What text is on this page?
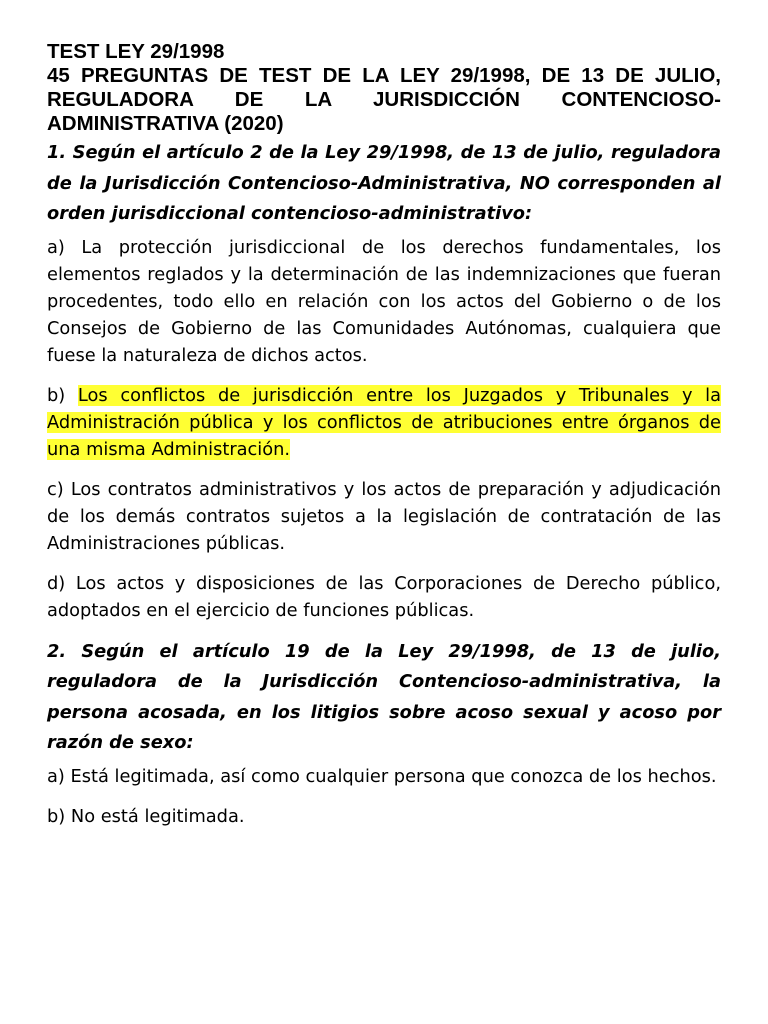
TEST LEY 29/1998

45 PREGUNTAS DE TEST DE LA LEY 29/1998, DE 13 DE JULIO, REGULADORA DE LA JURISDICCIÓN CONTENCIOSO-ADMINISTRATIVA (2020)

1. Según el artículo 2 de la Ley 29/1998, de 13 de julio, reguladora de la Jurisdicción Contencioso-Administrativa, NO corresponden al orden jurisdiccional contencioso-administrativo:

a) La protección jurisdiccional de los derechos fundamentales, los elementos reglados y la determinación de las indemnizaciones que fueran procedentes, todo ello en relación con los actos del Gobierno o de los Consejos de Gobierno de las Comunidades Autónomas, cualquiera que fuese la naturaleza de dichos actos.

b) Los conflictos de jurisdicción entre los Juzgados y Tribunales y la Administración pública y los conflictos de atribuciones entre órganos de una misma Administración.

c) Los contratos administrativos y los actos de preparación y adjudicación de los demás contratos sujetos a la legislación de contratación de las Administraciones públicas.

d) Los actos y disposiciones de las Corporaciones de Derecho público, adoptados en el ejercicio de funciones públicas.

2. Según el artículo 19 de la Ley 29/1998, de 13 de julio, reguladora de la Jurisdicción Contencioso-administrativa, la persona acosada, en los litigios sobre acoso sexual y acoso por razón de sexo:

a) Está legitimada, así como cualquier persona que conozca de los hechos.

b) No está legitimada.
